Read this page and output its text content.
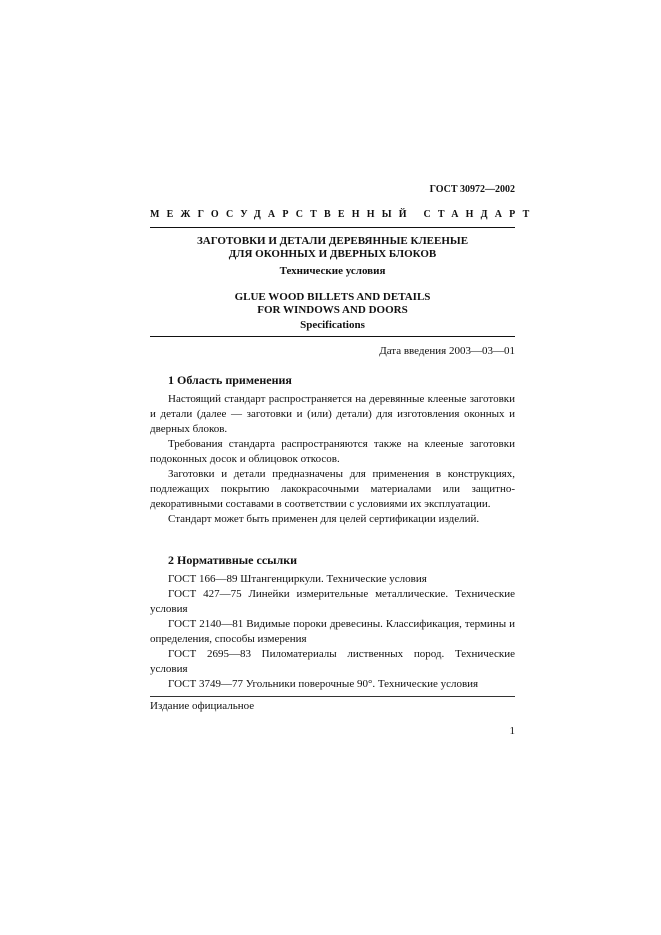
ГОСТ 30972—2002
МЕЖГОСУДАРСТВЕННЫЙ СТАНДАРТ
ЗАГОТОВКИ И ДЕТАЛИ ДЕРЕВЯННЫЕ КЛЕЕНЫЕ
ДЛЯ ОКОННЫХ И ДВЕРНЫХ БЛОКОВ
Технические условия
GLUE WOOD BILLETS AND DETAILS
FOR WINDOWS AND DOORS
Specifications
Дата введения 2003—03—01
1 Область применения

Настоящий стандарт распространяется на деревянные клееные заготовки и детали (далее — заготовки и (или) детали) для изготовления оконных и дверных блоков.

Требования стандарта распространяются также на клееные заготовки подоконных досок и облицовок откосов.

Заготовки и детали предназначены для применения в конструкциях, подлежащих покрытию лакокрасочными материалами или защитно-декоративными составами в соответствии с условиями их эксплуатации.

Стандарт может быть применен для целей сертификации изделий.

2 Нормативные ссылки

ГОСТ 166—89 Штангенциркули. Технические условия

ГОСТ 427—75 Линейки измерительные металлические. Технические условия

ГОСТ 2140—81 Видимые пороки древесины. Классификация, термины и определения, способы измерения

ГОСТ 2695—83 Пиломатериалы лиственных пород. Технические условия

ГОСТ 3749—77 Угольники поверочные 90°. Технические условия

Издание официальное
1
